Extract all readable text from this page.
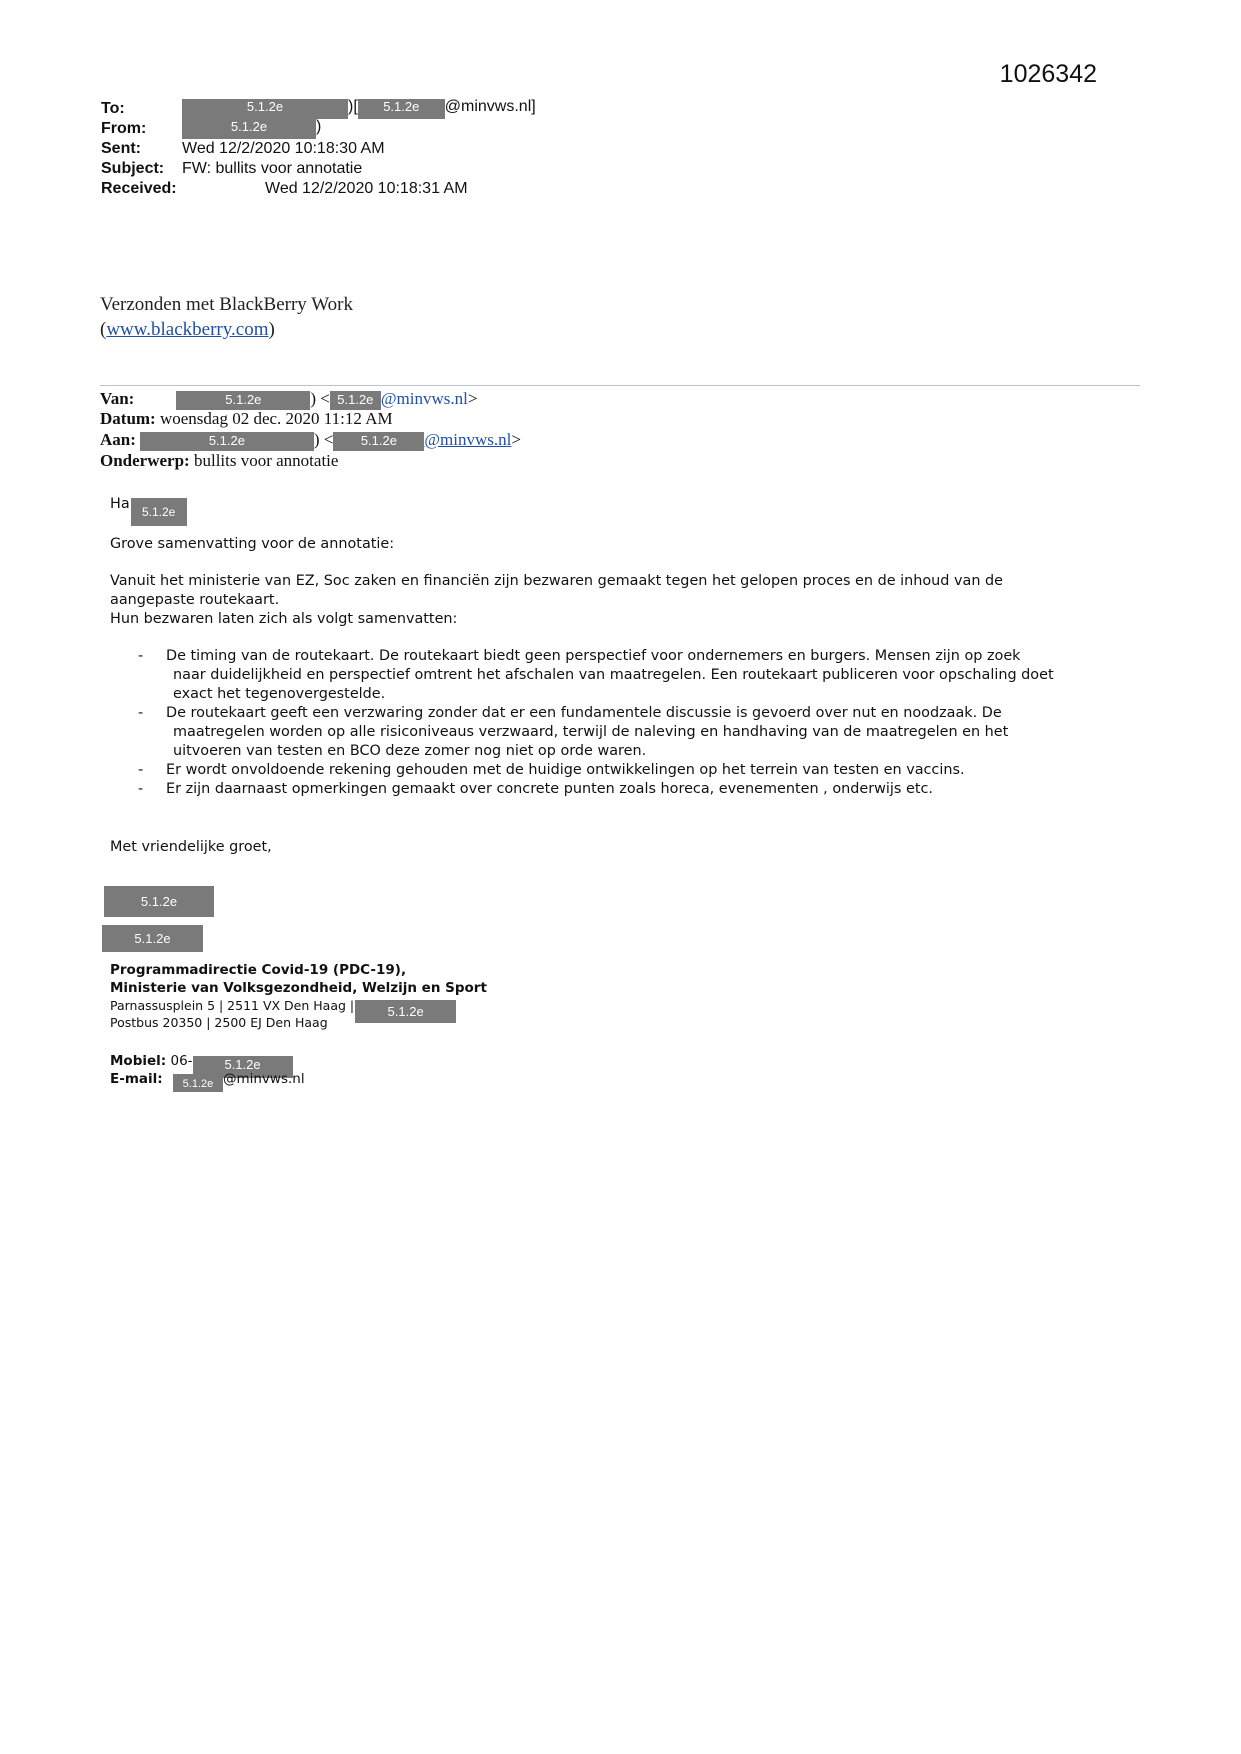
1026342
To:	5.1.2e	)[ 5.1.2e @minvws.nl]
From:	5.1.2e	)
Sent:	Wed 12/2/2020 10:18:30 AM
Subject: FW: bullits voor annotatie
Received:	Wed 12/2/2020 10:18:31 AM
Verzonden met BlackBerry Work
(www.blackberry.com)
Van:	5.1.2e	) < 5.1.2e @minvws.nl>
Datum: woensdag 02 dec. 2020 11:12 AM
Aan:	5.1.2e	) < 5.1.2e @minvws.nl>
Onderwerp: bullits voor annotatie
Ha 5.1.2e
Grove samenvatting voor de annotatie:
Vanuit het ministerie van EZ, Soc zaken en financiën zijn bezwaren gemaakt tegen het gelopen proces en de inhoud van de
aangepaste routekaart.
Hun bezwaren laten zich als volgt samenvatten:
- De timing van de routekaart. De routekaart biedt geen perspectief voor ondernemers en burgers. Mensen zijn op zoek
naar duidelijkheid en perspectief omtrent het afschalen van maatregelen. Een routekaart publiceren voor opschaling doet
exact het tegenovergestelde.
- De routekaart geeft een verzwaring zonder dat er een fundamentele discussie is gevoerd over nut en noodzaak. De
maatregelen worden op alle risiconiveaus verzwaard, terwijl de naleving en handhaving van de maatregelen en het
uitvoeren van testen en BCO deze zomer nog niet op orde waren.
- Er wordt onvoldoende rekening gehouden met de huidige ontwikkelingen op het terrein van testen en vaccins.
- Er zijn daarnaast opmerkingen gemaakt over concrete punten zoals horeca, evenementen , onderwijs etc.
Met vriendelijke groet,
5.1.2e
5.1.2e
Programmadirectie Covid-19 (PDC-19),
Ministerie van Volksgezondheid, Welzijn en Sport
Parnassusplein 5 | 2511 VX Den Haag |	5.1.2e
Postbus 20350 | 2500 EJ Den Haag
Mobiel: 06- 5.1.2e
E-mail: 5.1.2e @minvws.nl
